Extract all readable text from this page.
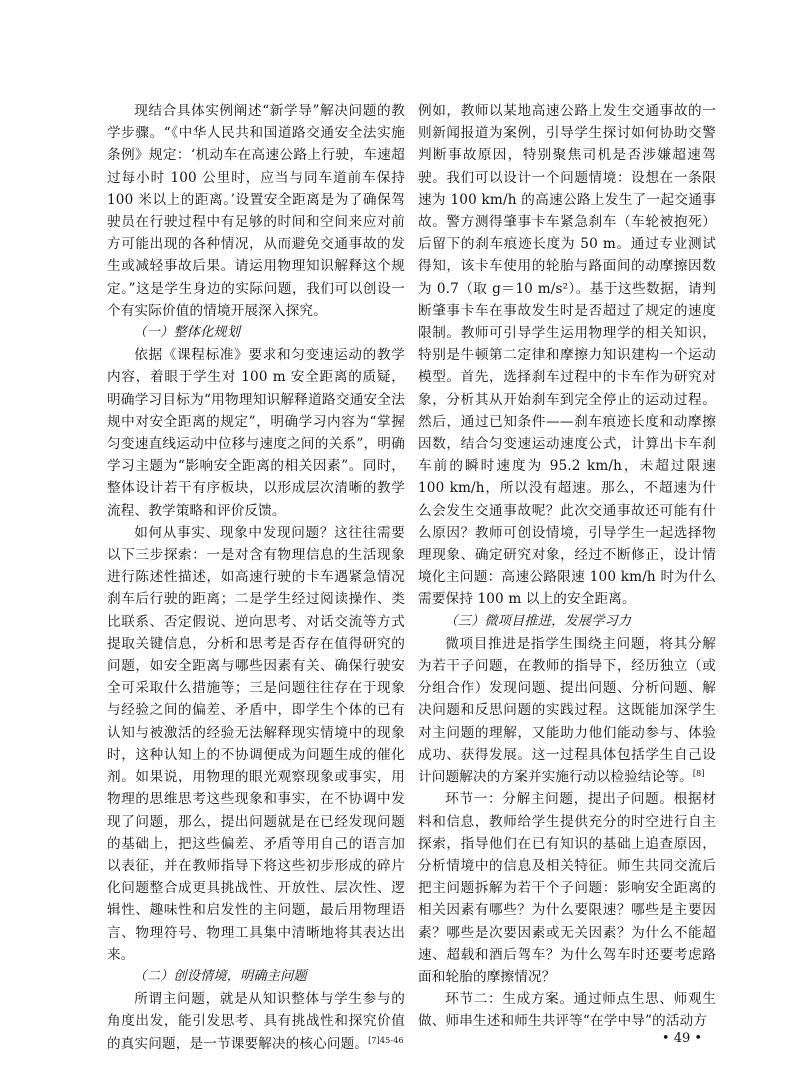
现结合具体实例阐述“新学导”解决问题的教学步骤。“《中华人民共和国道路交通安全法实施条例》规定：‘机动车在高速公路上行驶，车速超过每小时 100 公里时，应当与同车道前车保持 100 米以上的距离。’设置安全距离是为了确保驾驶员在行驶过程中有足够的时间和空间来应对前方可能出现的各种情况，从而避免交通事故的发生或减轻事故后果。请运用物理知识解释这个规定。”这是学生身边的实际问题，我们可以创设一个有实际价值的情境开展深入探究。

（一）整体化规划

依据《课程标准》要求和匀变速运动的教学内容，着眼于学生对 100 m 安全距离的质疑，明确学习目标为“用物理知识解释道路交通安全法规中对安全距离的规定”，明确学习内容为“掌握匀变速直线运动中位移与速度之间的关系”，明确学习主题为“影响安全距离的相关因素”。同时，整体设计若干有序板块，以形成层次清晰的教学流程、教学策略和评价反馈。

如何从事实、现象中发现问题？这往往需要以下三步探索：一是对含有物理信息的生活现象进行陈述性描述，如高速行驶的卡车遇紧急情况刹车后行驶的距离；二是学生经过阅读操作、类比联系、否定假说、逆向思考、对话交流等方式提取关键信息，分析和思考是否存在值得研究的问题，如安全距离与哪些因素有关、确保行驶安全可采取什么措施等；三是问题往往存在于现象与经验之间的偏差、矛盾中，即学生个体的已有认知与被激活的经验无法解释现实情境中的现象时，这种认知上的不协调便成为问题生成的催化剂。如果说，用物理的眼光观察现象或事实，用物理的思维思考这些现象和事实，在不协调中发现了问题，那么，提出问题就是在已经发现问题的基础上，把这些偏差、矛盾等用自己的语言加以表征，并在教师指导下将这些初步形成的碎片化问题整合成更具挑战性、开放性、层次性、逻辑性、趣味性和启发性的主问题，最后用物理语言、物理符号、物理工具集中清晰地将其表达出来。

（二）创设情境，明确主问题

所谓主问题，就是从知识整体与学生参与的角度出发，能引发思考、具有挑战性和探究价值的真实问题，是一节课要解决的核心问题。$^{[7]45-46}$

例如，教师以某地高速公路上发生交通事故的一则新闻报道为案例，引导学生探讨如何协助交警判断事故原因，特别聚焦司机是否涉嫌超速驾驶。我们可以设计一个问题情境：设想在一条限速为 100 km/h 的高速公路上发生了一起交通事故。警方测得肇事卡车紧急刹车（车轮被抱死）后留下的刹车痕迹长度为 50 m。通过专业测试得知，该卡车使用的轮胎与路面间的动摩擦因数为 0.7（取 g＝10 m/s²）。基于这些数据，请判断肇事卡车在事故发生时是否超过了规定的速度限制。教师可引导学生运用物理学的相关知识，特别是牛顿第二定律和摩擦力知识建构一个运动模型。首先，选择刹车过程中的卡车作为研究对象，分析其从开始刹车到完全停止的运动过程。然后，通过已知条件——刹车痕迹长度和动摩擦因数，结合匀变速运动速度公式，计算出卡车刹车前的瞬时速度为 95.2 km/h，未超过限速 100 km/h，所以没有超速。那么，不超速为什么会发生交通事故呢？此次交通事故还可能有什么原因？教师可创设情境，引导学生一起选择物理现象、确定研究对象，经过不断修正，设计情境化主问题：高速公路限速 100 km/h 时为什么需要保持 100 m 以上的安全距离。

（三）微项目推进，发展学习力

微项目推进是指学生围绕主问题，将其分解为若干子问题，在教师的指导下，经历独立（或分组合作）发现问题、提出问题、分析问题、解决问题和反思问题的实践过程。这既能加深学生对主问题的理解，又能助力他们能动参与、体验成功、获得发展。这一过程具体包括学生自己设计问题解决的方案并实施行动以检验结论等。[8]

环节一：分解主问题，提出子问题。根据材料和信息，教师给学生提供充分的时空进行自主探索，指导他们在已有知识的基础上追查原因，分析情境中的信息及相关特征。师生共同交流后把主问题拆解为若干个子问题：影响安全距离的相关因素有哪些？为什么要限速？哪些是主要因素？哪些是次要因素或无关因素？为什么不能超速、超载和酒后驾车？为什么驾车时还要考虑路面和轮胎的摩擦情况？

环节二：生成方案。通过师点生思、师观生做、师串生述和师生共评等“在学中导”的活动方

• 49 •
